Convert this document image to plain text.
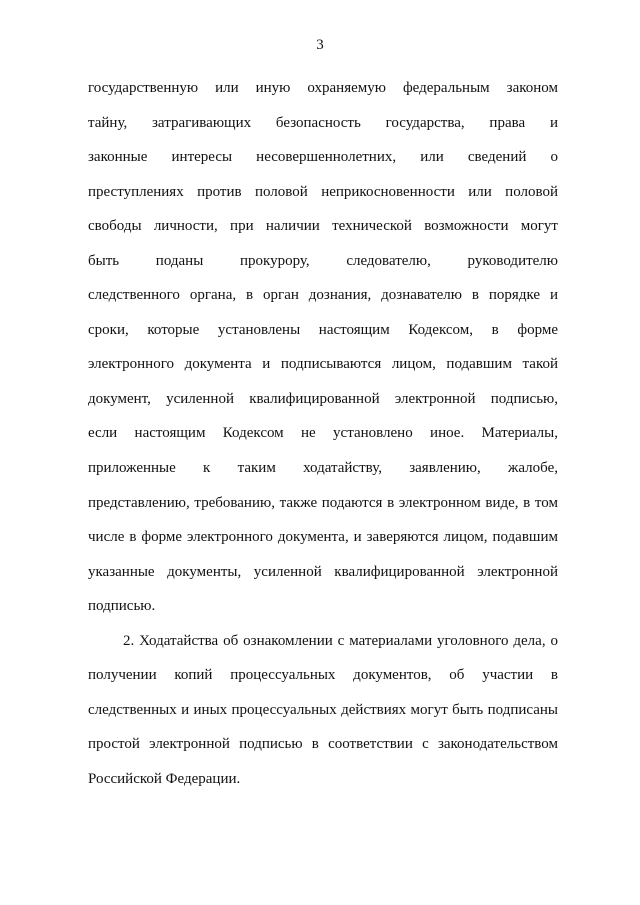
3
государственную или иную охраняемую федеральным законом
тайну, затрагивающих безопасность государства, права и
законные интересы несовершеннолетних, или сведений о
преступлениях против половой неприкосновенности или половой
свободы личности, при наличии технической возможности могут
быть поданы прокурору, следователю, руководителю
следственного органа, в орган дознания, дознавателю в порядке и
сроки, которые установлены настоящим Кодексом, в форме
электронного документа и подписываются лицом, подавшим такой
документ, усиленной квалифицированной электронной подписью,
если настоящим Кодексом не установлено иное. Материалы,
приложенные к таким ходатайству, заявлению, жалобе,
представлению, требованию, также подаются в электронном виде, в том
числе в форме электронного документа, и заверяются лицом, подавшим
указанные документы, усиленной квалифицированной электронной
подписью.
2. Ходатайства об ознакомлении с материалами уголовного дела, о
получении копий процессуальных документов, об участии в
следственных и иных процессуальных действиях могут быть подписаны
простой электронной подписью в соответствии с законодательством
Российской Федерации.
